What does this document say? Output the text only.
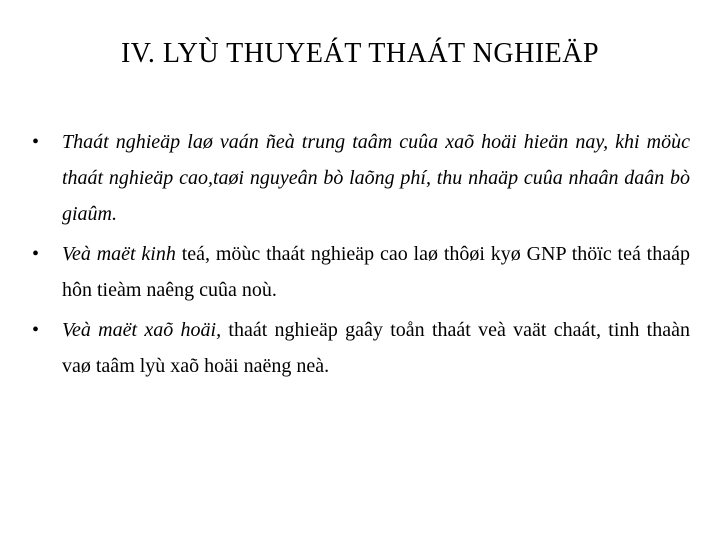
IV. LYÙ THUYEÁT THAÁT NGHIEÄP
• Thaát nghieäp laø vaán ñeà trung taâm cuûa xaõ hoäi hieän nay, khi möùc thaát nghieäp cao,taøi nguyeân bò laõng phí, thu nhaäp cuûa nhaân daân bò giaûm.
• Veà maët kinh teá, möùc thaát nghieäp cao laø thôøi kyø GNP thöïc teá thaáp hôn tieàm naêng cuûa noù.
• Veà maët xaõ hoäi, thaát nghieäp gaây toån thaát veà vaät chaát, tinh thaàn vaø taâm lyù xaõ hoäi naëng neà.
